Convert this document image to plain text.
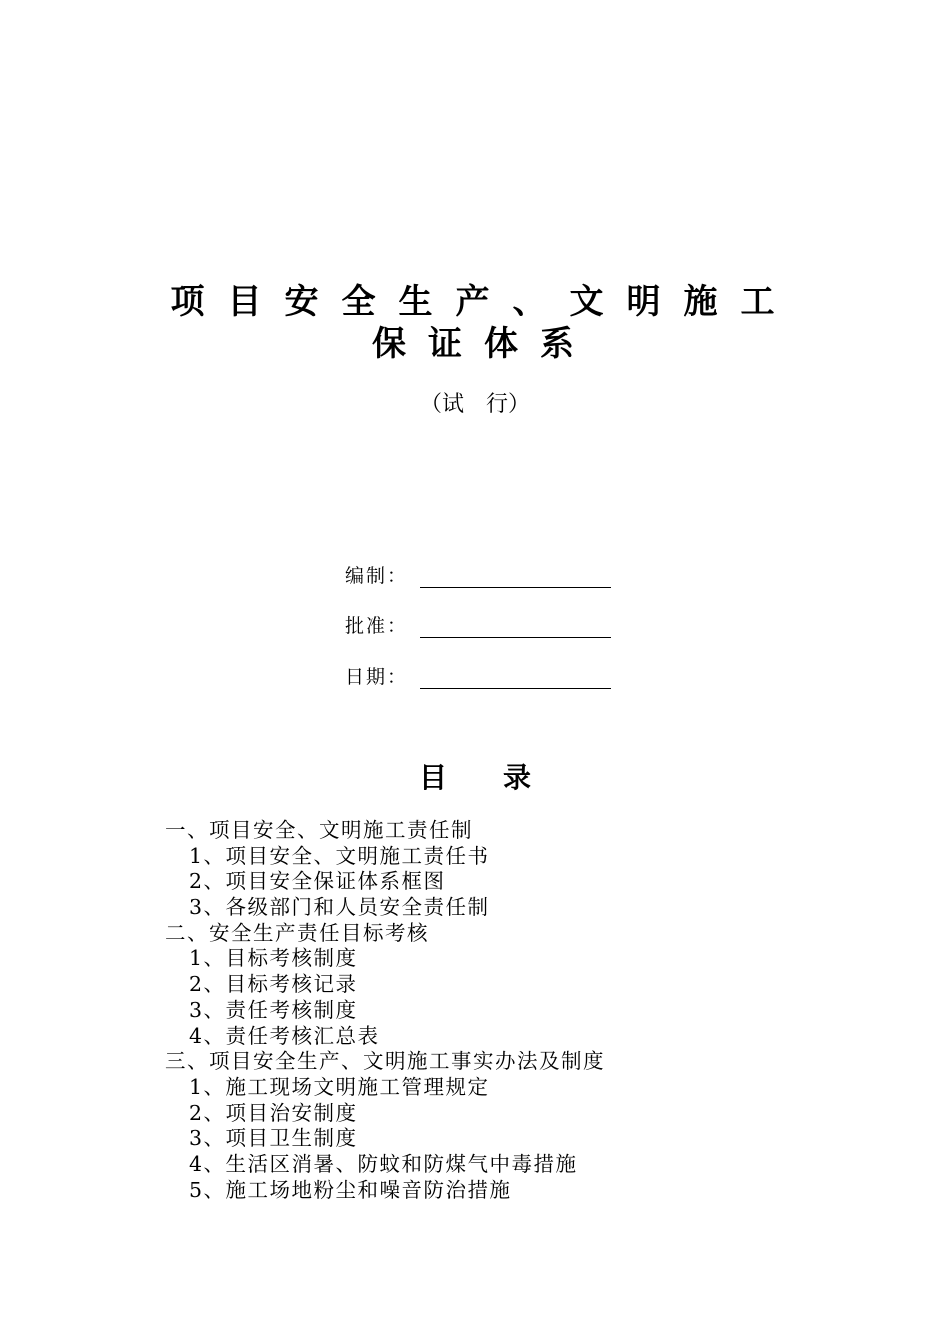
项目安全生产、文明施工
保证体系
（试　行）
编制：
批准：
日期：
目　　录
一、项目安全、文明施工责任制
1、项目安全、文明施工责任书
2、项目安全保证体系框图
3、各级部门和人员安全责任制
二、安全生产责任目标考核
1、目标考核制度
2、目标考核记录
3、责任考核制度
4、责任考核汇总表
三、项目安全生产、文明施工事实办法及制度
1、施工现场文明施工管理规定
2、项目治安制度
3、项目卫生制度
4、生活区消暑、防蚊和防煤气中毒措施
5、施工场地粉尘和噪音防治措施
